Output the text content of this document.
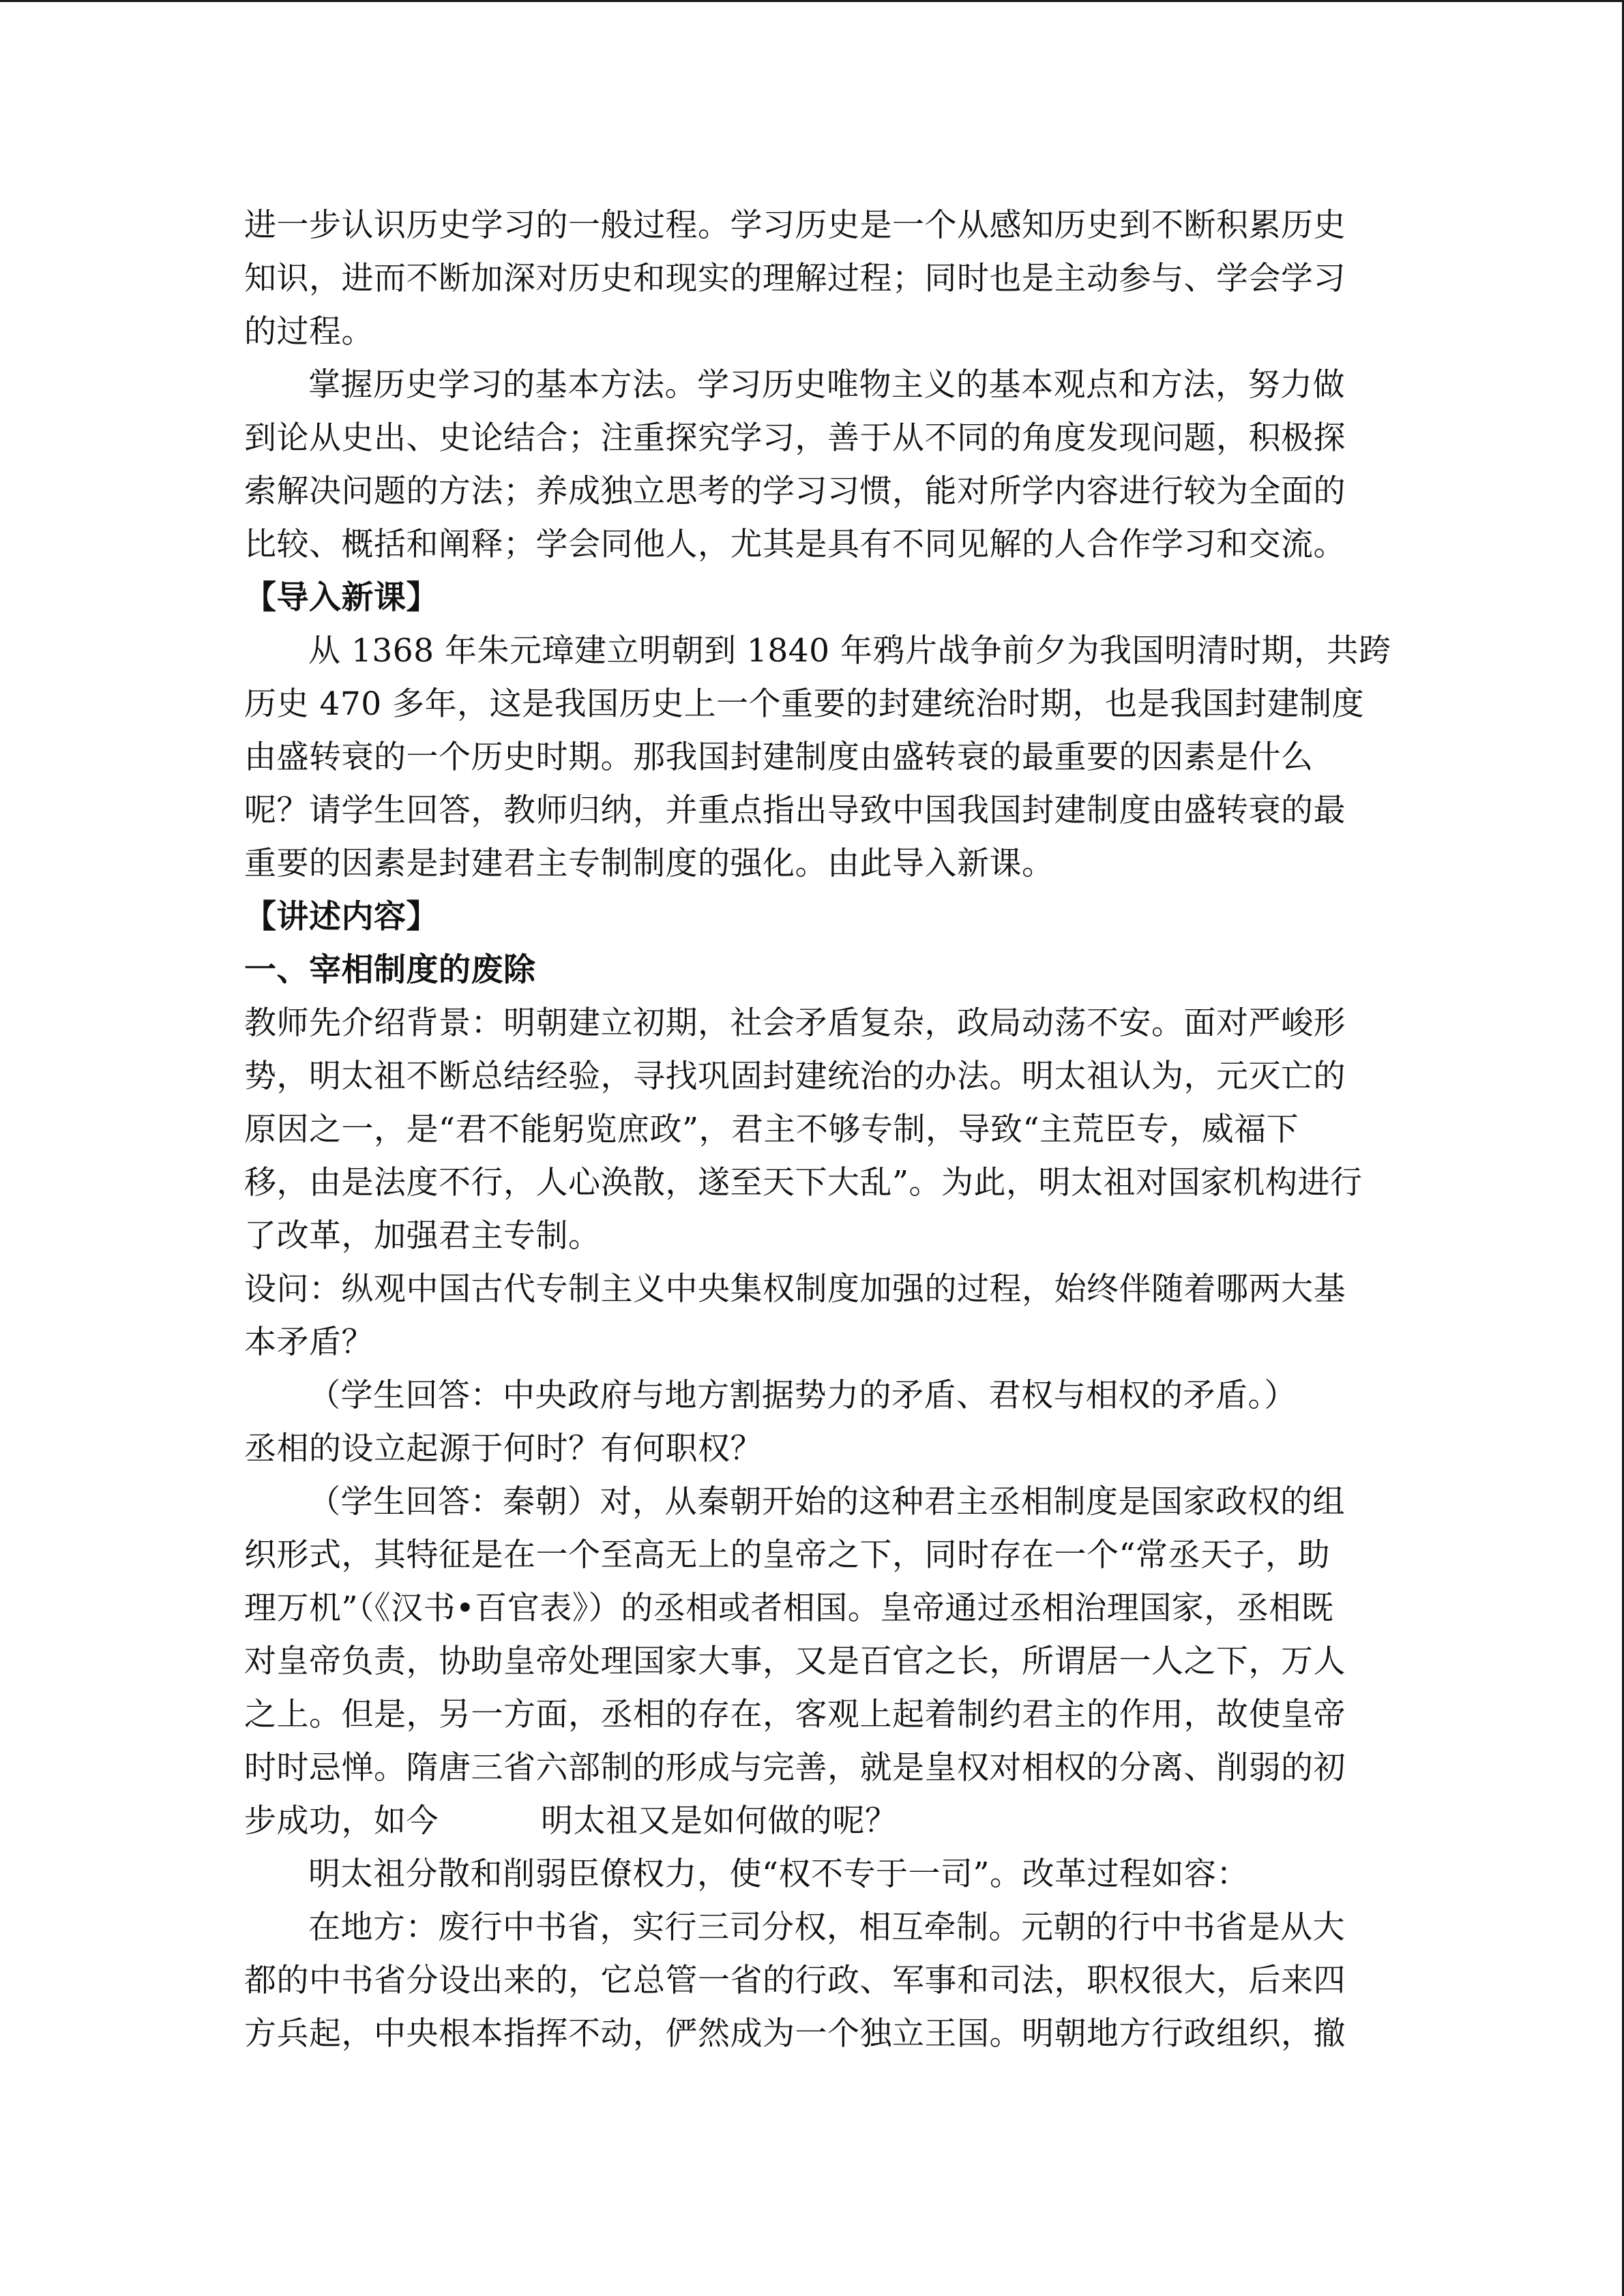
进一步认识历史学习的一般过程。学习历史是一个从感知历史到不断积累历史
知识，进而不断加深对历史和现实的理解过程；同时也是主动参与、学会学习
的过程。
掌握历史学习的基本方法。学习历史唯物主义的基本观点和方法，努力做
到论从史出、史论结合；注重探究学习，善于从不同的角度发现问题，积极探
索解决问题的方法；养成独立思考的学习习惯，能对所学内容进行较为全面的
比较、概括和阐释；学会同他人，尤其是具有不同见解的人合作学习和交流。
【导入新课】
从 1368 年朱元璋建立明朝到 1840 年鸦片战争前夕为我国明清时期，共跨
历史 470 多年，这是我国历史上一个重要的封建统治时期，也是我国封建制度
由盛转衰的一个历史时期。那我国封建制度由盛转衰的最重要的因素是什么
呢？请学生回答，教师归纳，并重点指出导致中国我国封建制度由盛转衰的最
重要的因素是封建君主专制制度的强化。由此导入新课。
【讲述内容】
一、宰相制度的废除
教师先介绍背景：明朝建立初期，社会矛盾复杂，政局动荡不安。面对严峻形
势，明太祖不断总结经验，寻找巩固封建统治的办法。明太祖认为，元灭亡的
原因之一，是“君不能躬览庶政”，君主不够专制，导致“主荒臣专，威福下
移，由是法度不行，人心涣散，遂至天下大乱”。为此，明太祖对国家机构进行
了改革，加强君主专制。
设问：纵观中国古代专制主义中央集权制度加强的过程，始终伴随着哪两大基
本矛盾？
（学生回答：中央政府与地方割据势力的矛盾、君权与相权的矛盾。）
丞相的设立起源于何时？有何职权？
（学生回答：秦朝）对，从秦朝开始的这种君主丞相制度是国家政权的组
织形式，其特征是在一个至高无上的皇帝之下，同时存在一个“常丞天子，助
理万机”（《汉书•百官表》）的丞相或者相国。皇帝通过丞相治理国家，丞相既
对皇帝负责，协助皇帝处理国家大事，又是百官之长，所谓居一人之下，万人
之上。但是，另一方面，丞相的存在，客观上起着制约君主的作用，故使皇帝
时时忌惮。隋唐三省六部制的形成与完善，就是皇权对相权的分离、削弱的初
步成功，如今	明太祖又是如何做的呢？
明太祖分散和削弱臣僚权力，使“权不专于一司”。改革过程如容：
在地方：废行中书省，实行三司分权，相互牵制。元朝的行中书省是从大
都的中书省分设出来的，它总管一省的行政、军事和司法，职权很大，后来四
方兵起，中央根本指挥不动，俨然成为一个独立王国。明朝地方行政组织，撤
